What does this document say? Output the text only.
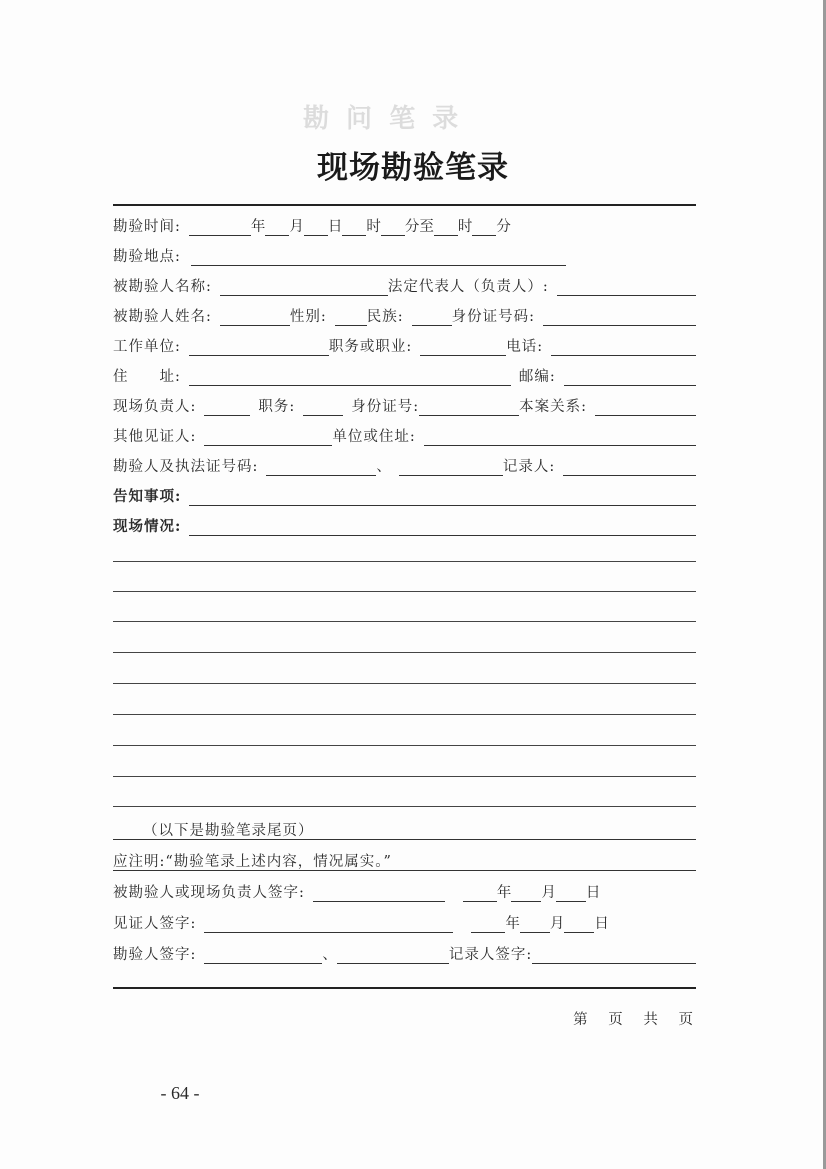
勘 问 笔 录
现场勘验笔录
勘验时间:	年 月 日 时 分至 时 分
勘验地点:
被勘验人名称:	法定代表人（负责人）:
被勘验人姓名:	性别:	民族:	身份证号码:
工作单位:	职务或职业:	电话:
住　　址:	邮编:
现场负责人:	职务:	身份证号:	本案关系:
其他见证人:	单位或住址:
勘验人及执法证号码:	、	记录人:
告知事项:
现场情况:
（以下是勘验笔录尾页）
应注明:“勘验笔录上述内容，情况属实。”
被勘验人或现场负责人签字:	年 月 日
见证人签字:	年 月 日
勘验人签字:	、	记录人签字:
第 页 共 页
- 64 -
